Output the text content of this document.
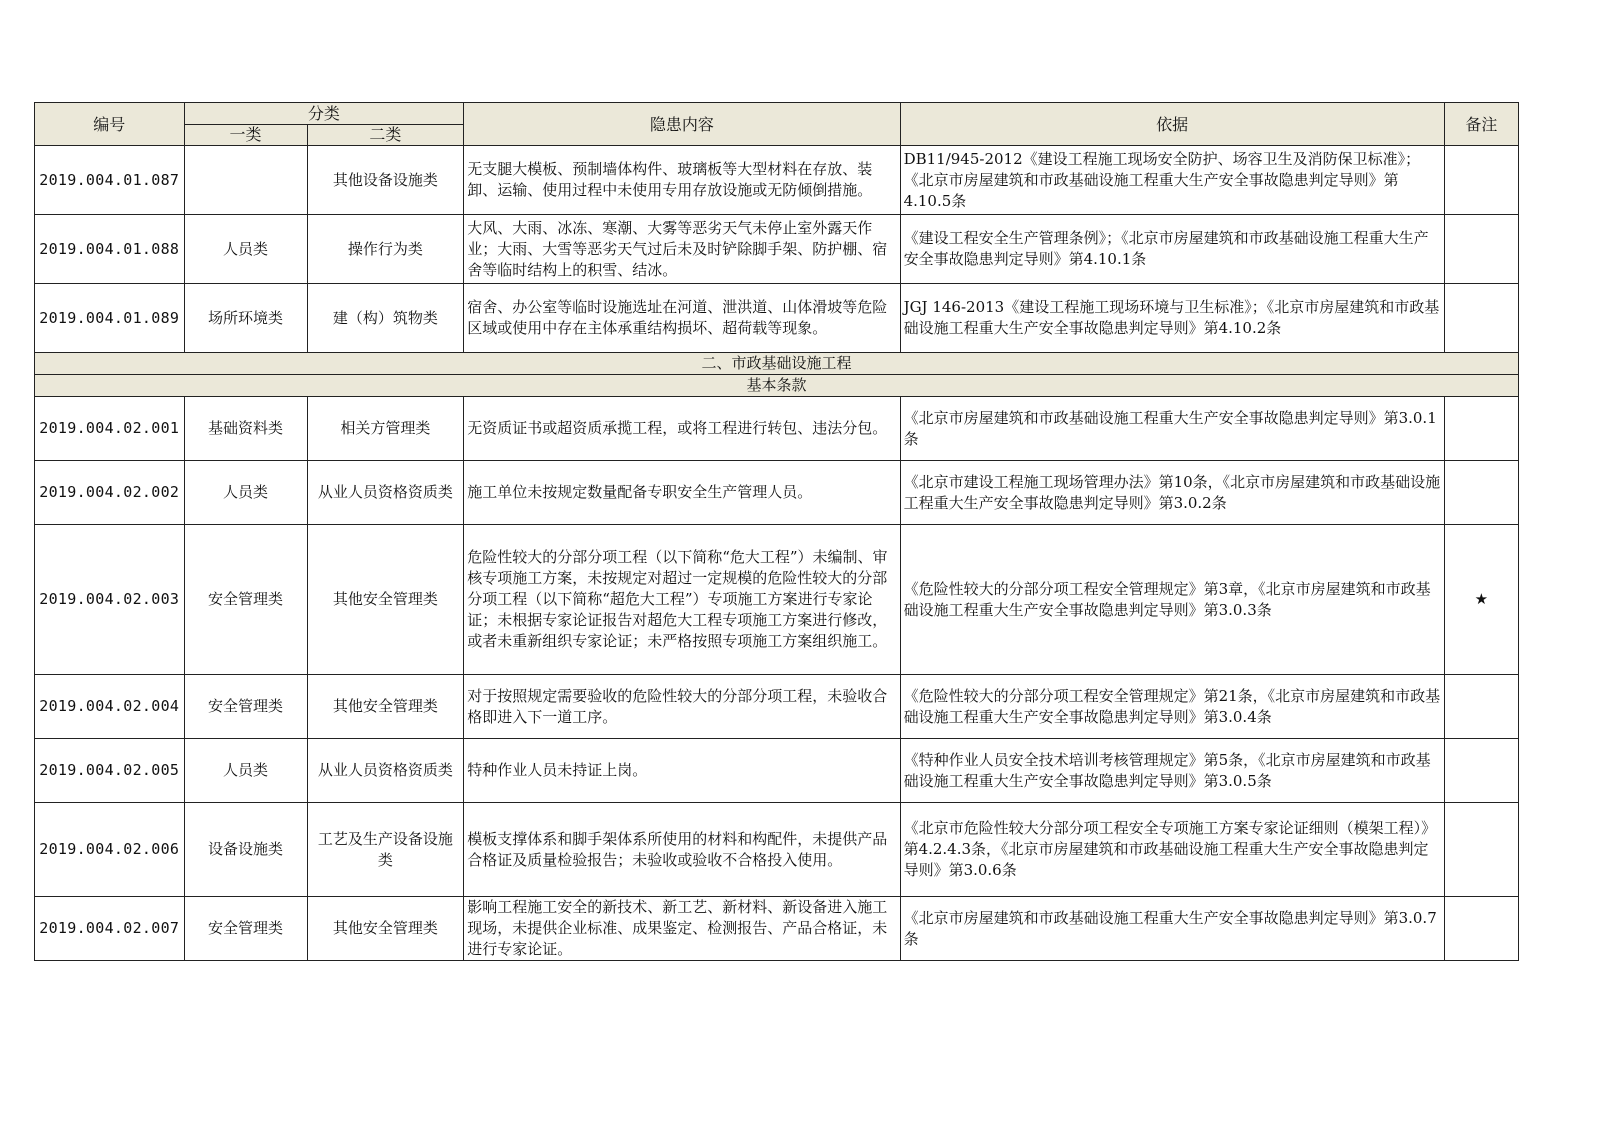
编号	分类		隐患内容	依据	备注
	一类	二类			
2019.004.01.087		其他设备设施类	无支腿大模板、预制墙体构件、玻璃板等大型材料在存放、装卸、运输、使用过程中未使用专用存放设施或无防倾倒措施。	DB11/945-2012《建设工程施工现场安全防护、场容卫生及消防保卫标准》；《北京市房屋建筑和市政基础设施工程重大生产安全事故隐患判定导则》第4.10.5条	
2019.004.01.088	人员类	操作行为类	大风、大雨、冰冻、寒潮、大雾等恶劣天气未停止室外露天作业；大雨、大雪等恶劣天气过后未及时铲除脚手架、防护棚、宿舍等临时结构上的积雪、结冰。	《建设工程安全生产管理条例》；《北京市房屋建筑和市政基础设施工程重大生产安全事故隐患判定导则》第4.10.1条	
2019.004.01.089	场所环境类	建（构）筑物类	宿舍、办公室等临时设施选址在河道、泄洪道、山体滑坡等危险区域或使用中存在主体承重结构损坏、超荷载等现象。	JGJ 146-2013《建设工程施工现场环境与卫生标准》；《北京市房屋建筑和市政基础设施工程重大生产安全事故隐患判定导则》第4.10.2条	
二、市政基础设施工程					
基本条款					
2019.004.02.001	基础资料类	相关方管理类	无资质证书或超资质承揽工程，或将工程进行转包、违法分包。	《北京市房屋建筑和市政基础设施工程重大生产安全事故隐患判定导则》第3.0.1条	
2019.004.02.002	人员类	从业人员资格资质类	施工单位未按规定数量配备专职安全生产管理人员。	《北京市建设工程施工现场管理办法》第10条，《北京市房屋建筑和市政基础设施工程重大生产安全事故隐患判定导则》第3.0.2条	
2019.004.02.003	安全管理类	其他安全管理类	危险性较大的分部分项工程（以下简称“危大工程”）未编制、审核专项施工方案，未按规定对超过一定规模的危险性较大的分部分项工程（以下简称“超危大工程”）专项施工方案进行专家论证；未根据专家论证报告对超危大工程专项施工方案进行修改，或者未重新组织专家论证；未严格按照专项施工方案组织施工。	《危险性较大的分部分项工程安全管理规定》第3章，《北京市房屋建筑和市政基础设施工程重大生产安全事故隐患判定导则》第3.0.3条	★
2019.004.02.004	安全管理类	其他安全管理类	对于按照规定需要验收的危险性较大的分部分项工程，未验收合格即进入下一道工序。	《危险性较大的分部分项工程安全管理规定》第21条，《北京市房屋建筑和市政基础设施工程重大生产安全事故隐患判定导则》第3.0.4条	
2019.004.02.005	人员类	从业人员资格资质类	特种作业人员未持证上岗。	《特种作业人员安全技术培训考核管理规定》第5条，《北京市房屋建筑和市政基础设施工程重大生产安全事故隐患判定导则》第3.0.5条	
2019.004.02.006	设备设施类	工艺及生产设备设施类	模板支撑体系和脚手架体系所使用的材料和构配件，未提供产品合格证及质量检验报告；未验收或验收不合格投入使用。	《北京市危险性较大分部分项工程安全专项施工方案专家论证细则（模架工程）》第4.2.4.3条，《北京市房屋建筑和市政基础设施工程重大生产安全事故隐患判定导则》第3.0.6条	
2019.004.02.007	安全管理类	其他安全管理类	影响工程施工安全的新技术、新工艺、新材料、新设备进入施工现场，未提供企业标准、成果鉴定、检测报告、产品合格证，未进行专家论证。	《北京市房屋建筑和市政基础设施工程重大生产安全事故隐患判定导则》第3.0.7条	
